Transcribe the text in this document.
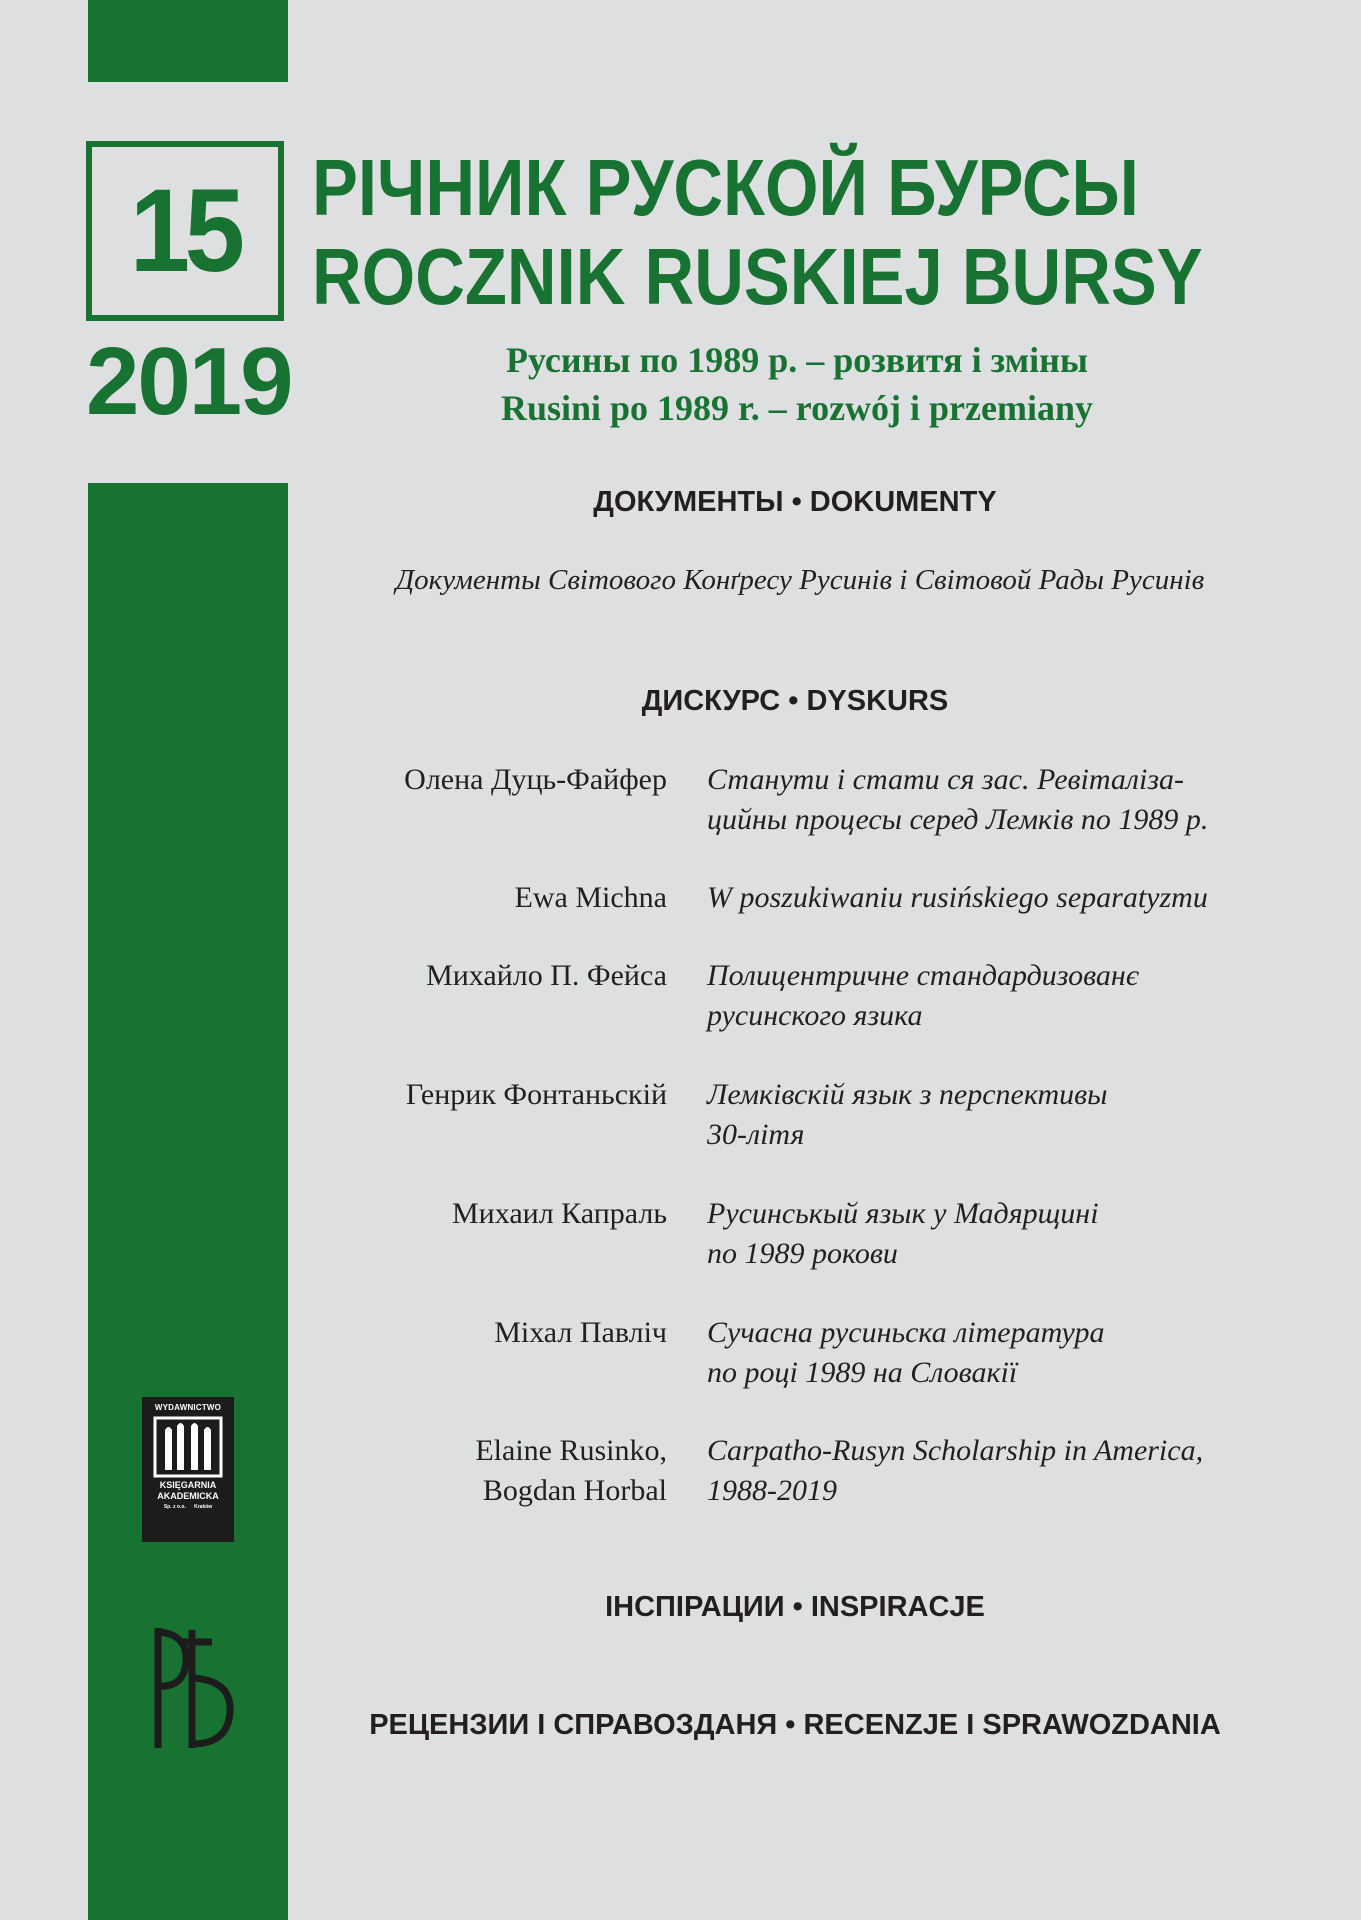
15
2019
РІЧНИК РУСКОЙ БУРСЫ
ROCZNIK RUSKIEJ BURSY
Русины по 1989 р. – розвитя і зміны
Rusini po 1989 r. – rozwój i przemiany
ДОКУМЕНТЫ • DOKUMENTY
Документы Світового Конґресу Русинів і Світовой Рады Русинів
ДИСКУРС • DYSKURS
Олена Дуць-Файфер Станути і стати ся зас. Ревіталіза-
цийны процесы серед Лемків по 1989 р.
Ewa Michna W poszukiwaniu rusińskiego separatyzmu
Михайло П. Фейса Полицентричне стандардизованє
русинского язика
Генрик Фонтаньскій Лемківскій язык з перспективы
30-літя
Михаил Капраль Русинськый язык у Мадярщині
по 1989 рокови
Міхал Павліч Сучасна русиньска література
по році 1989 на Словакії
Elaine Rusinko,
Bogdan Horbal
Carpatho-Rusyn Scholarship in America,
1988-2019
ІНСПІРАЦИИ • INSPIRACJE
РЕЦЕНЗИИ І СПРАВОЗДАНЯ • RECENZJE I SPRAWOZDANIA
WYDAWNICTWO
KSIĘGARNIA
AKADEMICKA
Sp. z o.o. Kraków
